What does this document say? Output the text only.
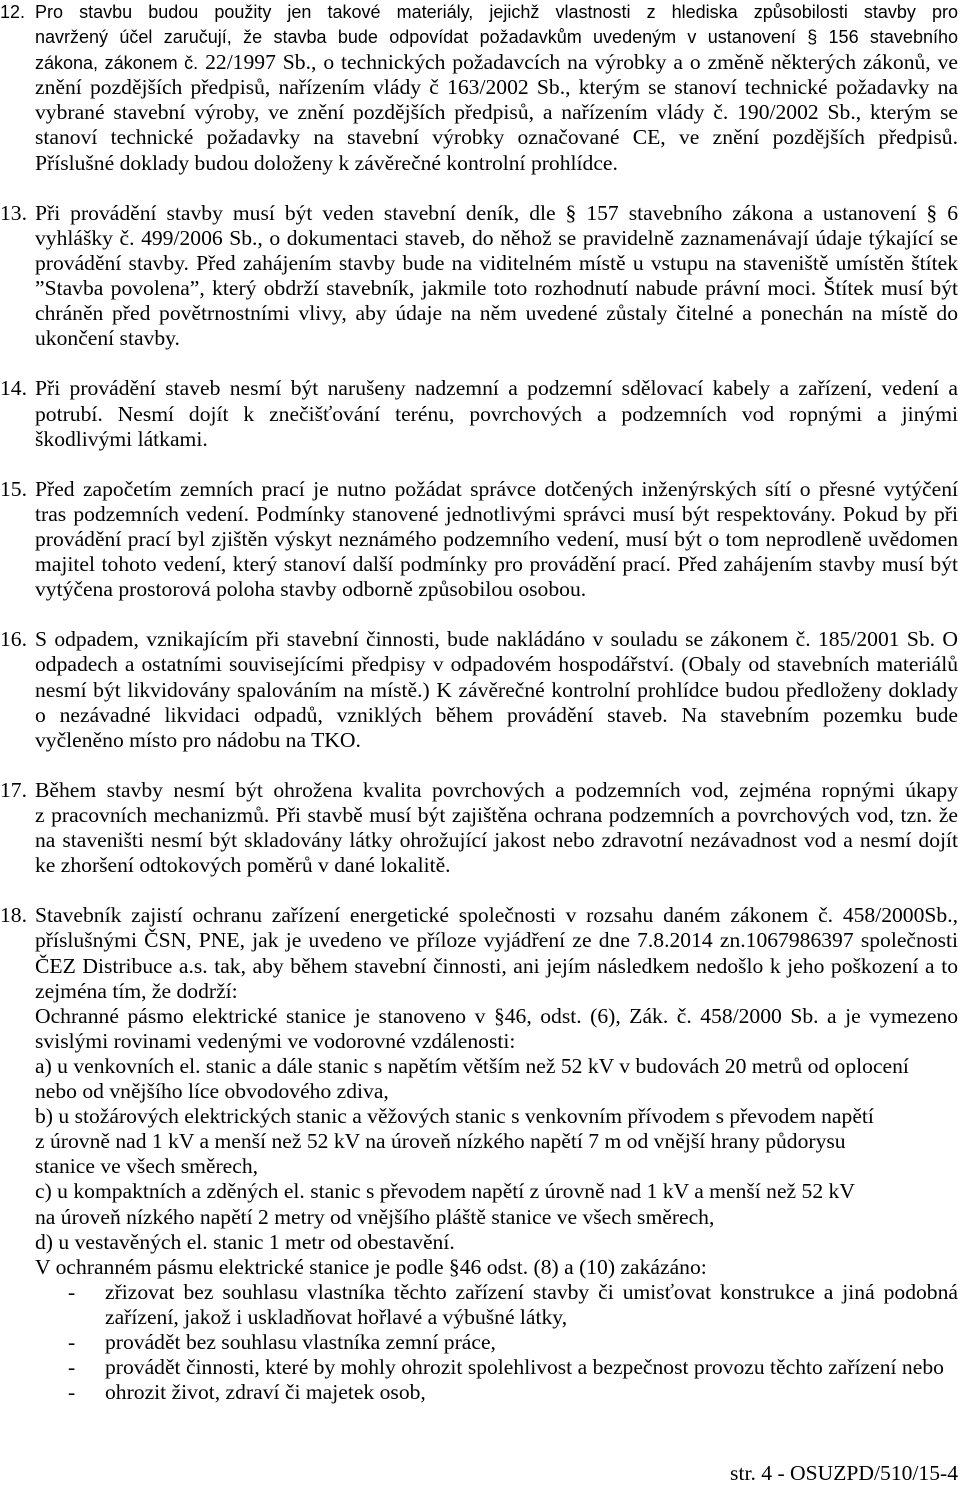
12. Pro stavbu budou použity jen takové materiály, jejichž vlastnosti z hlediska způsobilosti stavby pro
navržený účel zaručují, že stavba bude odpovídat požadavkům uvedeným v ustanovení § 156 stavebního
zákona, zákonem č. 22/1997 Sb., o technických požadavcích na výrobky a o změně některých zákonů, ve
znění pozdějších předpisů, nařízením vlády č 163/2002 Sb., kterým se stanoví technické požadavky na
vybrané stavební výroby, ve znění pozdějších předpisů, a nařízením vlády č. 190/2002 Sb., kterým se
stanoví technické požadavky na stavební výrobky označované CE, ve znění pozdějších předpisů.
Příslušné doklady budou doloženy k závěrečné kontrolní prohlídce.
13. Při provádění stavby musí být veden stavební deník, dle § 157 stavebního zákona a ustanovení § 6
vyhlášky č. 499/2006 Sb., o dokumentaci staveb, do něhož se pravidelně zaznamenávají údaje týkající se
provádění stavby. Před zahájením stavby bude na viditelném místě u vstupu na staveniště umístěn štítek
”Stavba povolena”, který obdrží stavebník, jakmile toto rozhodnutí nabude právní moci. Štítek musí být
chráněn před povětrnostními vlivy, aby údaje na něm uvedené zůstaly čitelné a ponechán na místě do
ukončení stavby.
14. Při provádění staveb nesmí být narušeny nadzemní a podzemní sdělovací kabely a zařízení, vedení a
potrubí. Nesmí dojít k znečišťování terénu, povrchových a podzemních vod ropnými a jinými
škodlivými látkami.
15. Před započetím zemních prací je nutno požádat správce dotčených inženýrských sítí o přesné vytýčení
tras podzemních vedení. Podmínky stanovené jednotlivými správci musí být respektovány. Pokud by při
provádění prací byl zjištěn výskyt neznámého podzemního vedení, musí být o tom neprodleně uvědomen
majitel tohoto vedení, který stanoví další podmínky pro provádění prací. Před zahájením stavby musí být
vytýčena prostorová poloha stavby odborně způsobilou osobou.
16. S odpadem, vznikajícím při stavební činnosti, bude nakládáno v souladu se zákonem č. 185/2001 Sb. O
odpadech a ostatními souvisejícími předpisy v odpadovém hospodářství. (Obaly od stavebních materiálů
nesmí být likvidovány spalováním na místě.) K závěrečné kontrolní prohlídce budou předloženy doklady
o nezávadné likvidaci odpadů, vzniklých během provádění staveb. Na stavebním pozemku bude
vyčleněno místo pro nádobu na TKO.
17. Během stavby nesmí být ohrožena kvalita povrchových a podzemních vod, zejména ropnými úkapy
z pracovních mechanizmů. Při stavbě musí být zajištěna ochrana podzemních a povrchových vod, tzn. že
na staveništi nesmí být skladovány látky ohrožující jakost nebo zdravotní nezávadnost vod a nesmí dojít
ke zhoršení odtokových poměrů v dané lokalitě.
18. Stavebník zajistí ochranu zařízení energetické společnosti v rozsahu daném zákonem č. 458/2000Sb.,
příslušnými ČSN, PNE, jak je uvedeno ve příloze vyjádření ze dne 7.8.2014 zn.1067986397 společnosti
ČEZ Distribuce a.s. tak, aby během stavební činnosti, ani jejím následkem nedošlo k jeho poškození a to
zejména tím, že dodrží:
Ochranné pásmo elektrické stanice je stanoveno v §46, odst. (6), Zák. č. 458/2000 Sb. a je vymezeno
svislými rovinami vedenými ve vodorovné vzdálenosti:
a) u venkovních el. stanic a dále stanic s napětím větším než 52 kV v budovách 20 metrů od oplocení
nebo od vnějšího líce obvodového zdiva,
b) u stožárových elektrických stanic a věžových stanic s venkovním přívodem s převodem napětí
z úrovně nad 1 kV a menší než 52 kV na úroveň nízkého napětí 7 m od vnější hrany půdorysu
stanice ve všech směrech,
c) u kompaktních a zděných el. stanic s převodem napětí z úrovně nad 1 kV a menší než 52 kV
na úroveň nízkého napětí 2 metry od vnějšího pláště stanice ve všech směrech,
d) u vestavěných el. stanic 1 metr od obestavění.
V ochranném pásmu elektrické stanice je podle §46 odst. (8) a (10) zakázáno:
- zřizovat bez souhlasu vlastníka těchto zařízení stavby či umisťovat konstrukce a jiná podobná
zařízení, jakož i uskladňovat hořlavé a výbušné látky,
- provádět bez souhlasu vlastníka zemní práce,
- provádět činnosti, které by mohly ohrozit spolehlivost a bezpečnost provozu těchto zařízení nebo
- ohrozit život, zdraví či majetek osob,
str. 4 - OSUZPD/510/15-4
